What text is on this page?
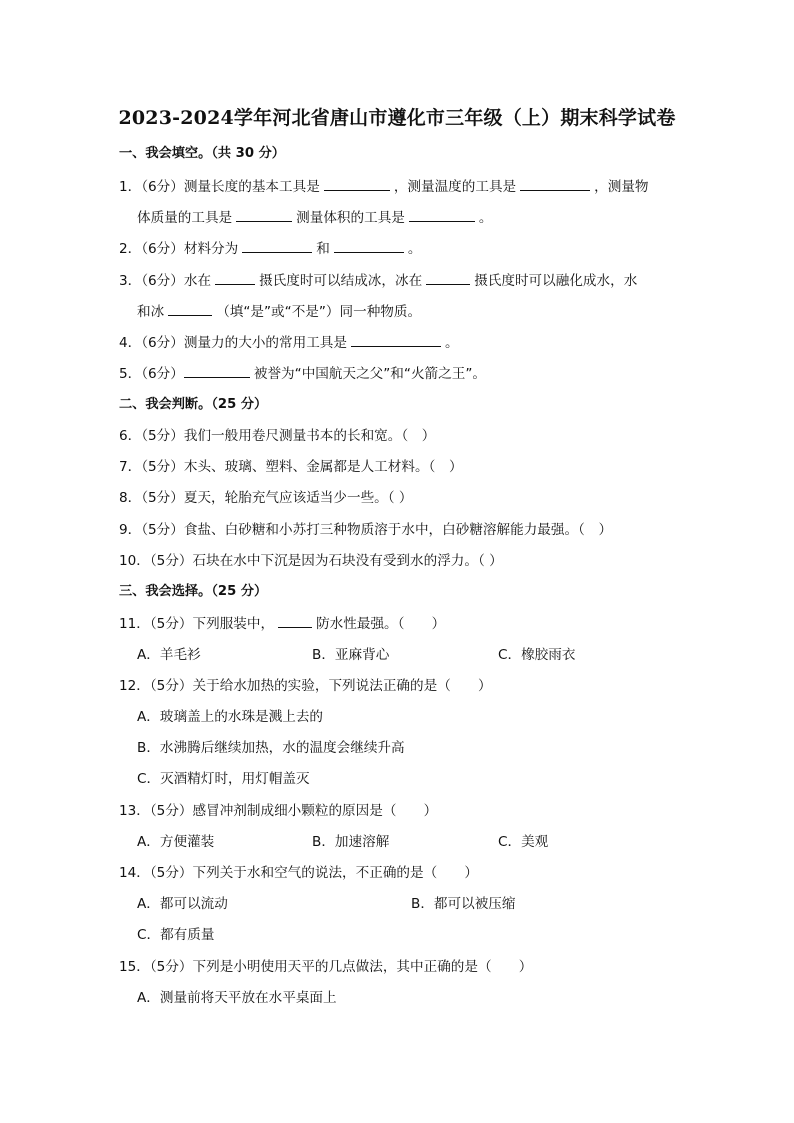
2023-2024学年河北省唐山市遵化市三年级（上）期末科学试卷
一、我会填空。（共 30 分）
1．（6分）测量长度的基本工具是	，测量温度的工具是	，测量物
体质量的工具是	测量体积的工具是	。
2．（6分）材料分为	和	。
3．（6分）水在	摄氏度时可以结成冰，冰在	摄氏度时可以融化成水，水
和冰	（填“是”或“不是”）同一种物质。
4．（6分）测量力的大小的常用工具是	。
5．（6分）	被誉为“中国航天之父”和“火箭之王”。
二、我会判断。（25 分）
6．（5分）我们一般用卷尺测量书本的长和宽。（　）
7．（5分）木头、玻璃、塑料、金属都是人工材料。（　）
8．（5分）夏天，轮胎充气应该适当少一些。（ ）
9．（5分）食盐、白砂糖和小苏打三种物质溶于水中，白砂糖溶解能力最强。（　）
10．（5分）石块在水中下沉是因为石块没有受到水的浮力。（ ）
三、我会选择。（25 分）
11．（5分）下列服装中，	防水性最强。（　　）
A．羊毛衫	B．亚麻背心	C．橡胶雨衣
12．（5分）关于给水加热的实验，下列说法正确的是（　　）
A．玻璃盖上的水珠是溅上去的
B．水沸腾后继续加热，水的温度会继续升高
C．灭酒精灯时，用灯帽盖灭
13．（5分）感冒冲剂制成细小颗粒的原因是（　　）
A．方便灌装	B．加速溶解	C．美观
14．（5分）下列关于水和空气的说法，不正确的是（　　）
A．都可以流动	B．都可以被压缩
C．都有质量
15．（5分）下列是小明使用天平的几点做法，其中正确的是（　　）
A．测量前将天平放在水平桌面上
